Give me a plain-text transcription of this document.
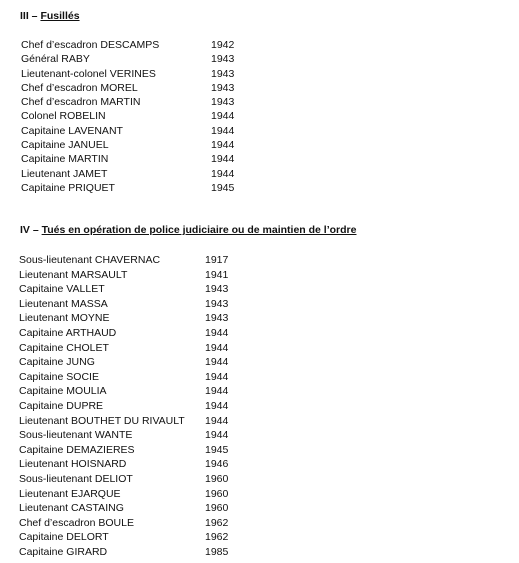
III – Fusillés
Chef d’escadron DESCAMPS	1942
Général RABY	1943
Lieutenant-colonel VERINES	1943
Chef d’escadron MOREL	1943
Chef d’escadron MARTIN	1943
Colonel ROBELIN	1944
Capitaine LAVENANT	1944
Capitaine JANUEL	1944
Capitaine MARTIN	1944
Lieutenant JAMET	1944
Capitaine PRIQUET	1945
IV – Tués en opération de police judiciaire ou de maintien de l’ordre
Sous-lieutenant CHAVERNAC	1917
Lieutenant MARSAULT	1941
Capitaine VALLET	1943
Lieutenant MASSA	1943
Lieutenant MOYNE	1943
Capitaine ARTHAUD	1944
Capitaine CHOLET	1944
Capitaine JUNG	1944
Capitaine SOCIE	1944
Capitaine MOULIA	1944
Capitaine DUPRE	1944
Lieutenant BOUTHET DU RIVAULT	1944
Sous-lieutenant WANTE	1944
Capitaine DEMAZIERES	1945
Lieutenant HOISNARD	1946
Sous-lieutenant DELIOT	1960
Lieutenant EJARQUE	1960
Lieutenant CASTAING	1960
Chef d’escadron BOULE	1962
Capitaine DELORT	1962
Capitaine GIRARD	1985
